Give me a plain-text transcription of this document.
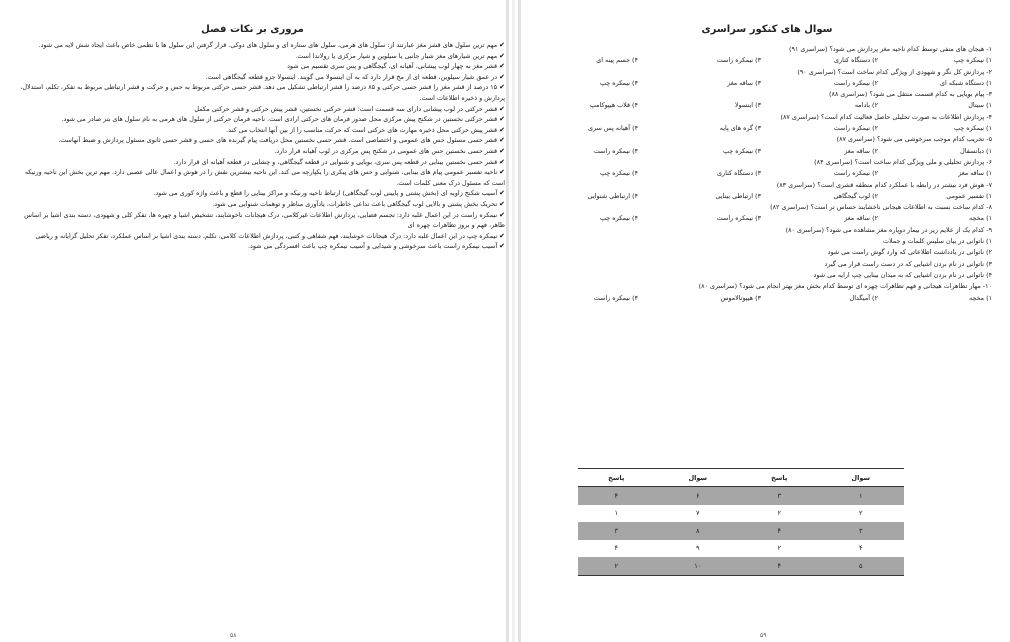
مروری بر نکات فصل

✔مهم ترین سلول های قشر مغز عبارتند از: سلول های هرمی، سلول های ستاره ای و سلول های دوکی. قرار گرفتن این سلول ها با نظمی خاص باعث ایجاد شش لایه می شود.

✔مهم ترین شیارهای مغز شیار جانبی یا سیلوین و شیار مرکزی یا رولاندا است.

✔قشر مغز به چهار لوب پیشانی، آهیانه ای، گیجگاهی و پس سری تقسیم می شود

✔در عمق شیار سیلوین، قطعه ای از مخ قرار دارد که به آن اینسولا می گویند. اینسولا جزو قطعه گیجگاهی است.

✔۱۵ درصد از قشر مغز را قشر حسی حرکتی و ۸۵ درصد را قشر ارتباطی تشکیل می دهد. قشر حسی حرکتی مربوط به حس و حرکت و قشر ارتباطی مربوط به تفکر، تکلم، استدلال، پردازش و ذخیره اطلاعات است.

✔قشر حرکتی در لوب پیشانی دارای سه قسمت است: قشر حرکتی نخستین، قشر پیش حرکتی و قشر حرکتی مکمل

✔قشر حرکتی نخستین در شکنج پیش مرکزی محل صدور فرمان های حرکتی ارادی است. ناحیه فرمان حرکتی از سلول های هرمی به نام سلول های بتز صادر می شود.

✔قشر پیش حرکتی محل ذخیره مهارت های حرکتی است که حرکت مناسب را از بین آنها انتخاب می کند.

✔قشر حسی مسئول حس های عمومی و اختصاصی است. قشر حسی نخستین محل دریافت پیام گیرنده های حسی و قشر حسی ثانوی مسئول پردازش و ضبط آنهاست.

✔قشر حسی نخستین حس های عمومی در شکنج پس مرکزی در لوب آهیانه قرار دارد.

✔قشر حسی نخستین بینایی در قطعه پس سری، بویایی و شنوایی در قطعه گیجگاهی، و چشایی در قطعه آهیانه ای قرار دارد.

✔ناحیه تفسیر عمومی پیام های بینایی، شنوایی و حس های پیکری را یکپارچه می کند. این ناحیه بیشترین نقش را در هوش و اعمال عالی عصبی دارد. مهم ترین بخش این ناحیه ورنیکه است که مسئول درک معنی کلمات است.

✔آسیب شکنج زاویه ای (بخش پشتی و پایینی لوب گیجگاهی) ارتباط ناحیه ورنیکه و مراکز بینایی را قطع و باعث واژه کوری می شود.

✔تحریک بخش پشتی و بالایی لوب گیجگاهی باعث تداعی خاطرات، یادآوری مناظر و توهمات شنوایی می شود.

✔نیمکره راست در این اعمال غلبه دارد: تجسم فضایی، پردازش اطلاعات غیرکلامی، درک هیجانات ناخوشایند، تشخیص اشیا و چهره ها، تفکر کلی و شهودی، دسته بندی اشیا بر اساس ظاهر، فهم و بروز تظاهرات چهره ای

✔نیمکره چپ در این اعمال غلبه دارد: درک هیجانات خوشایند، فهم شفاهی و کتبی، پردازش اطلاعات کلامی، تکلم، دسته بندی اشیا بر اساس عملکرد، تفکر تحلیل گرایانه و ریاضی

✔آسیب نیمکره راست باعث سرخوشی و شیدایی و آسیب نیمکره چپ باعث افسردگی می شود.

۵۸
سوال های کنکور سراسری
۱- هیجان های منفی توسط کدام ناحیه مغز پردازش می شود؟ (سراسری ۹۱)
۱) نیمکره چپ
۲) دستگاه کناری
۳) نیمکره راست
۴) جسم پینه ای
۲- پردازش کل نگر و شهودی از ویژگی کدام ساخت است؟ (سراسری ۹۰)
۱) دستگاه شبکه ای
۲) نیمکره راست
۳) ساقه مغز
۴) نیمکره چپ
۳- پیام بویایی به کدام قسمت منتقل می شود؟ (سراسری ۸۸)
۱) سیتال
۲) بادامه
۳) اینسولا
۴) قلاب هیپوکامپ
۴- پردازش اطلاعات به صورت تحلیلی حاصل فعالیت کدام است؟ (سراسری ۸۷)
۱) نیمکره چپ
۲) نیمکره راست
۳) گره های پایه
۴) آهیانه پس سری
۵- تخریب کدام موجب سرخوشی می شود؟ (سراسری ۸۷)
۱) دیانسفال
۲) ساقه مغز
۳) نیمکره چپ
۴) نیمکره راست
۶- پردازش تحلیلی و ملی ویژگی کدام ساخت است؟ (سراسری ۸۴)
۱) ساقه مغز
۲) نیمکره راست
۳) دستگاه کناری
۴) نیمکره چپ
۷- هوش فرد بیشتر در رابطه با عملکرد کدام منطقه قشری است؟ (سراسری ۸۳)
۱) تفسیر عمومی
۲) لوب گیجگاهی
۳) ارتباطی بینایی
۴) ارتباطی شنوایی
۸- کدام ساخت نسبت به اطلاعات هیجانی ناخشایند حساس تر است؟ (سراسری ۸۲)
۱) مخچه
۲) ساقه مغز
۳) نیمکره راست
۴) نیمکره چپ
۹- کدام یک از علایم زیر در بیمار دوپاره مغز مشاهده می شود؟ (سراسری ۸۰)
۱) ناتوانی در بیان سلیس کلمات و جملات
۲) ناتوانی در یادداشت اطلاعاتی که وارد گوش راست می شود
۳) ناتوانی در نام بردن اشیایی که در دست راست قرار می گیرد
۴) ناتوانی در نام بردن اشیایی که به میدان بینایی چپ ارایه می شود
۱۰- مهار تظاهرات هیجانی و فهم تظاهرات چهره ای توسط کدام بخش مغز بهتر انجام می شود؟ (سراسری ۸۰)
۱) مخچه
۲) آمیگدال
۳) هیپوتالاموس
۴) نیمکره راست
سوال	پاسخ	سوال	پاسخ
۱	۳	۶	۴
۲	۲	۷	۱
۳	۴	۸	۳
۴	۲	۹	۴
۵	۴	۱۰	۲
۵۹
